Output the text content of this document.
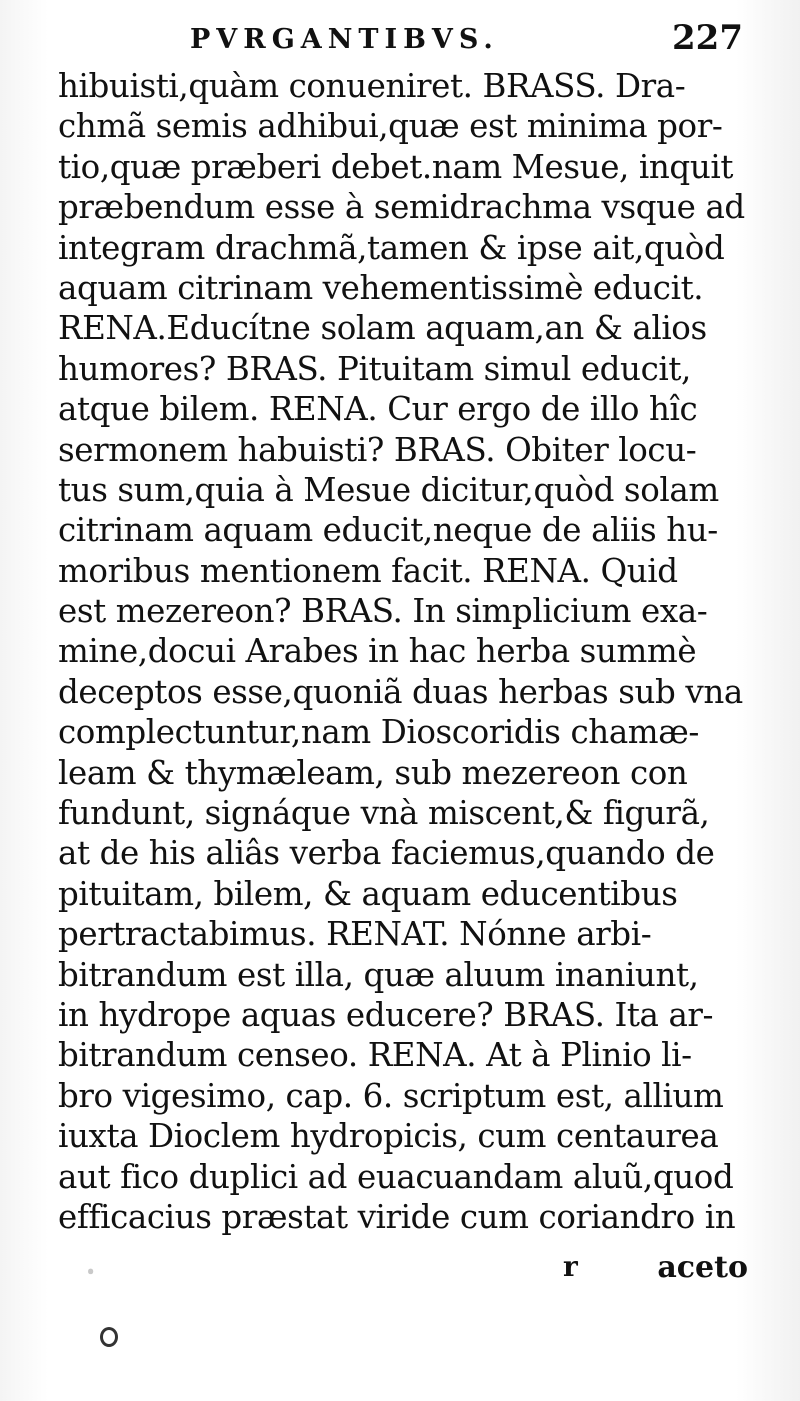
PVRGANTIBVS.	227
hibuisti,quàm conueniret. BRASS. Dra-
chmã semis adhibui,quæ est minima por-
tio,quæ præberi debet.nam Mesue, inquit
præbendum esse à semidrachma vsque ad
integram drachmã,tamen & ipse ait,quòd
aquam citrinam vehementissimè educit.
RENA.Educítne solam aquam,an & alios
humores? BRAS. Pituitam simul educit,
atque bilem. RENA. Cur ergo de illo hîc
sermonem habuisti? BRAS. Obiter locu-
tus sum,quia à Mesue dicitur,quòd solam
citrinam aquam educit,neque de aliis hu-
moribus mentionem facit. RENA. Quid
est mezereon? BRAS. In simplicium exa-
mine,docui Arabes in hac herba summè
deceptos esse,quoniã duas herbas sub vna
complectuntur,nam Dioscoridis chamæ-
leam & thymæleam, sub mezereon con
fundunt, signáque vnà miscent,& figurã,
at de his aliâs verba faciemus,quando de
pituitam, bilem, & aquam educentibus
pertractabimus. RENAT. Nónne arbi-
bitrandum est illa, quæ aluum inaniunt,
in hydrope aquas educere? BRAS. Ita ar-
bitrandum censeo. RENA. At à Plinio li-
bro vigesimo, cap. 6. scriptum est, allium
iuxta Dioclem hydropicis, cum centaurea
aut fico duplici ad euacuandam aluũ,quod
efficacius præstat viride cum coriandro in
ꞏ	r	aceto
